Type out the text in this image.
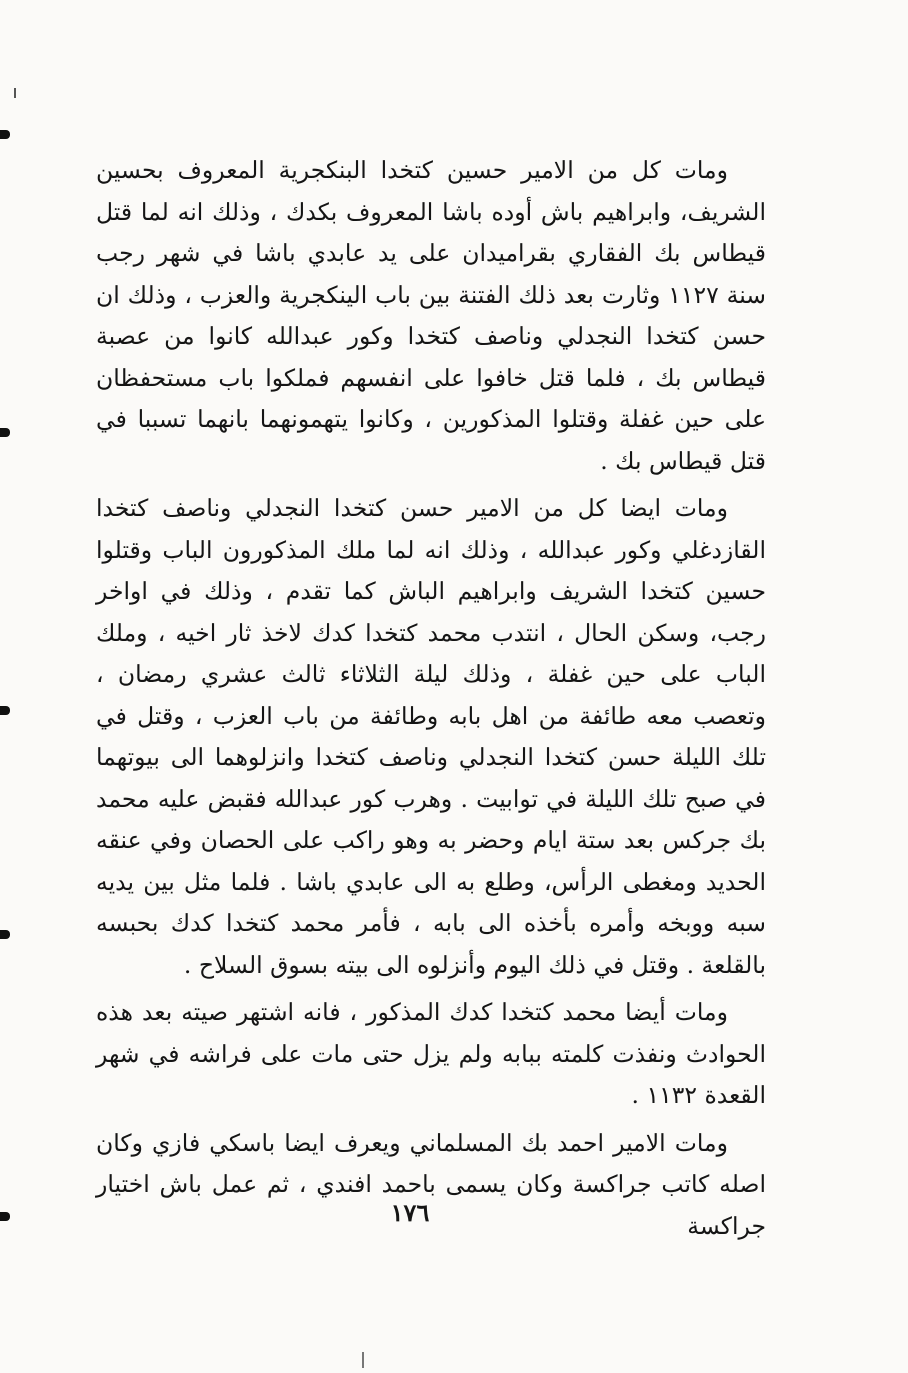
ومات كل من الامير حسين كتخدا البنكجرية المعروف بحسين الشريف، وابراهيم باش أوده باشا المعروف بكدك ، وذلك انه لما قتل قيطاس بك الفقاري بقراميدان على يد عابدي باشا في شهر رجب سنة ١١٢٧ وثارت بعد ذلك الفتنة بين باب الينكجرية والعزب ، وذلك ان حسن كتخدا النجدلي وناصف كتخدا وكور عبدالله كانوا من عصبة قيطاس بك ، فلما قتل خافوا على انفسهم فملكوا باب مستحفظان على حين غفلة وقتلوا المذكورين ، وكانوا يتهمونهما بانهما تسببا في قتل قيطاس بك .

ومات ايضا كل من الامير حسن كتخدا النجدلي وناصف كتخدا القازدغلي وكور عبدالله ، وذلك انه لما ملك المذكورون الباب وقتلوا حسين كتخدا الشريف وابراهيم الباش كما تقدم ، وذلك في اواخر رجب، وسكن الحال ، انتدب محمد كتخدا كدك لاخذ ثار اخيه ، وملك الباب على حين غفلة ، وذلك ليلة الثلاثاء ثالث عشري رمضان ، وتعصب معه طائفة من اهل بابه وطائفة من باب العزب ، وقتل في تلك الليلة حسن كتخدا النجدلي وناصف كتخدا وانزلوهما الى بيوتهما في صبح تلك الليلة في توابيت . وهرب كور عبدالله فقبض عليه محمد بك جركس بعد ستة ايام وحضر به وهو راكب على الحصان وفي عنقه الحديد ومغطى الرأس، وطلع به الى عابدي باشا . فلما مثل بين يديه سبه ووبخه وأمره بأخذه الى بابه ، فأمر محمد كتخدا كدك بحبسه بالقلعة . وقتل في ذلك اليوم وأنزلوه الى بيته بسوق السلاح .

ومات أيضا محمد كتخدا كدك المذكور ، فانه اشتهر صيته بعد هذه الحوادث ونفذت كلمته ببابه ولم يزل حتى مات على فراشه في شهر القعدة ١١٣٢ .

ومات الامير احمد بك المسلماني ويعرف ايضا باسكي فازي وكان اصله كاتب جراكسة وكان يسمى باحمد افندي ، ثم عمل باش اختيار جراكسة

١٧٦
